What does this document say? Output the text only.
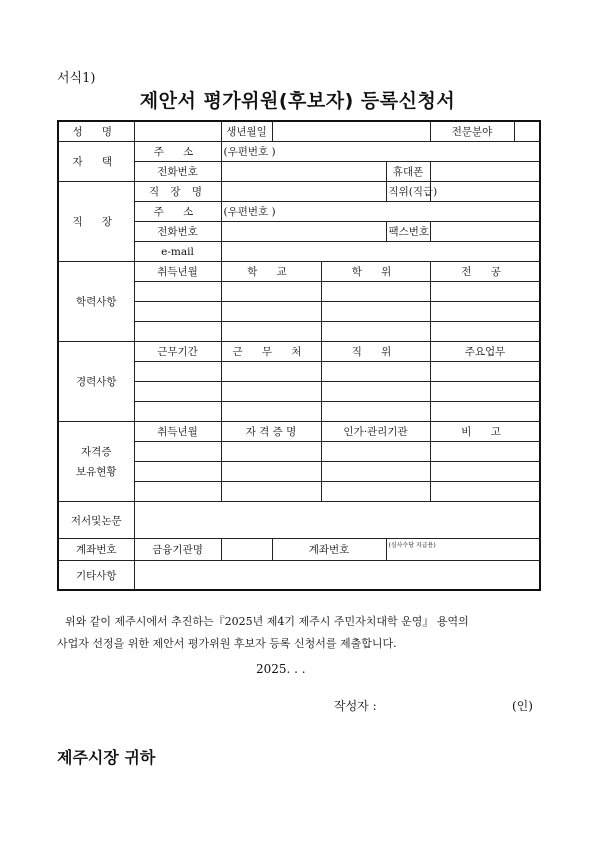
서식1)
제안서 평가위원(후보자) 등록신청서
성 명		생년월일				전문분야	
자 택	주 소	(우편번호 )					
	전화번호				휴대폰		
직 장	직 장 명				직위(직급)		
	주 소	(우편번호 )					
	전화번호				팩스번호		
	e-mail						
학력사항	취득년월	학 교		학 위		전 공	

경력사항	근무기간	근 무 처		직 위		주요업무	

자격증
보유현황	취득년월	자 격 증 명		인가·관리기관		비 고	

저서및논문							
계좌번호	금융기관명		계좌번호		(심사수당 지급용)		
기타사항							

위와 같이 제주시에서 추진하는『2025년 제4기 제주시 주민자치대학 운영』 용역의

사업자 선정을 위한 제안서 평가위원 후보자 등록 신청서를 제출합니다.

2025. . .
작성자 :	(인)
제주시장 귀하
